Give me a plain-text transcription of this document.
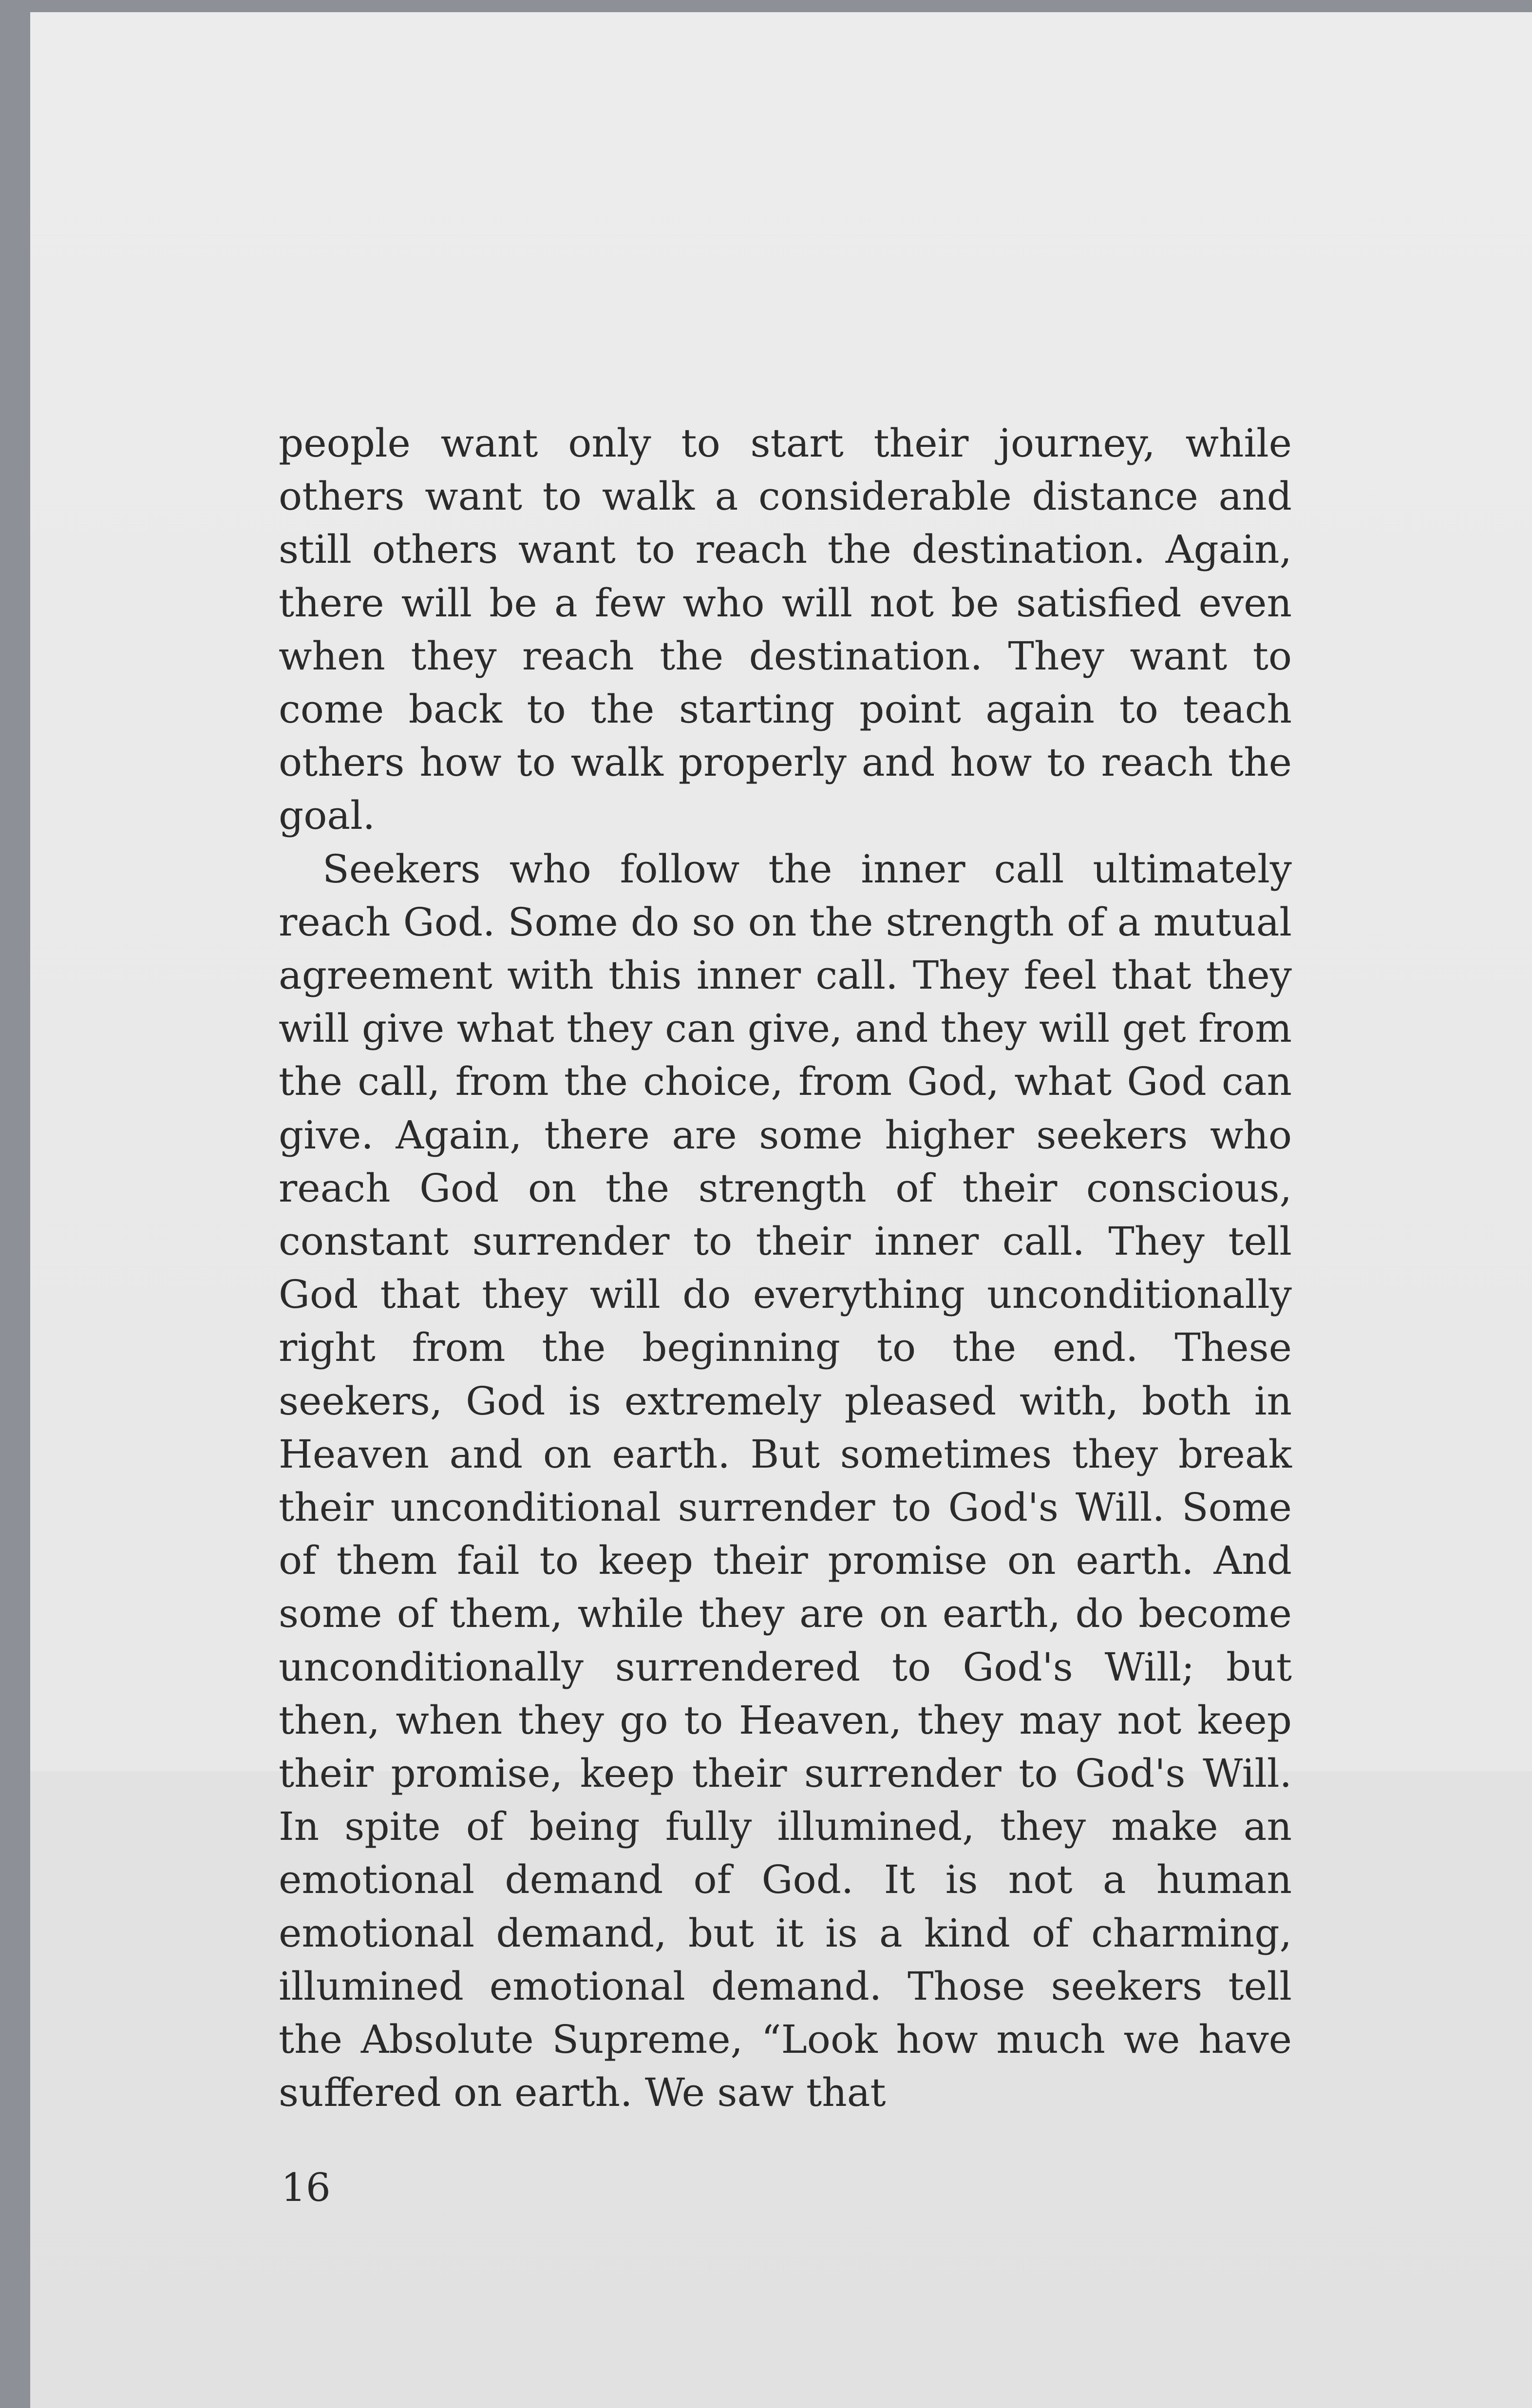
people want only to start their journey, while others want to walk a considerable distance and still others want to reach the destination. Again, there will be a few who will not be satisfied even when they reach the destination. They want to come back to the starting point again to teach others how to walk properly and how to reach the goal.

Seekers who follow the inner call ultimately reach God. Some do so on the strength of a mutual agreement with this inner call. They feel that they will give what they can give, and they will get from the call, from the choice, from God, what God can give. Again, there are some higher seekers who reach God on the strength of their conscious, constant surrender to their inner call. They tell God that they will do everything unconditionally right from the beginning to the end. These seekers, God is extremely pleased with, both in Heaven and on earth. But sometimes they break their unconditional surrender to God's Will. Some of them fail to keep their promise on earth. And some of them, while they are on earth, do become unconditionally surrendered to God's Will; but then, when they go to Heaven, they may not keep their promise, keep their surrender to God's Will. In spite of being fully illumined, they make an emotional demand of God. It is not a human emotional demand, but it is a kind of charming, illumined emotional demand. Those seekers tell the Absolute Supreme, “Look how much we have suffered on earth. We saw that

16
